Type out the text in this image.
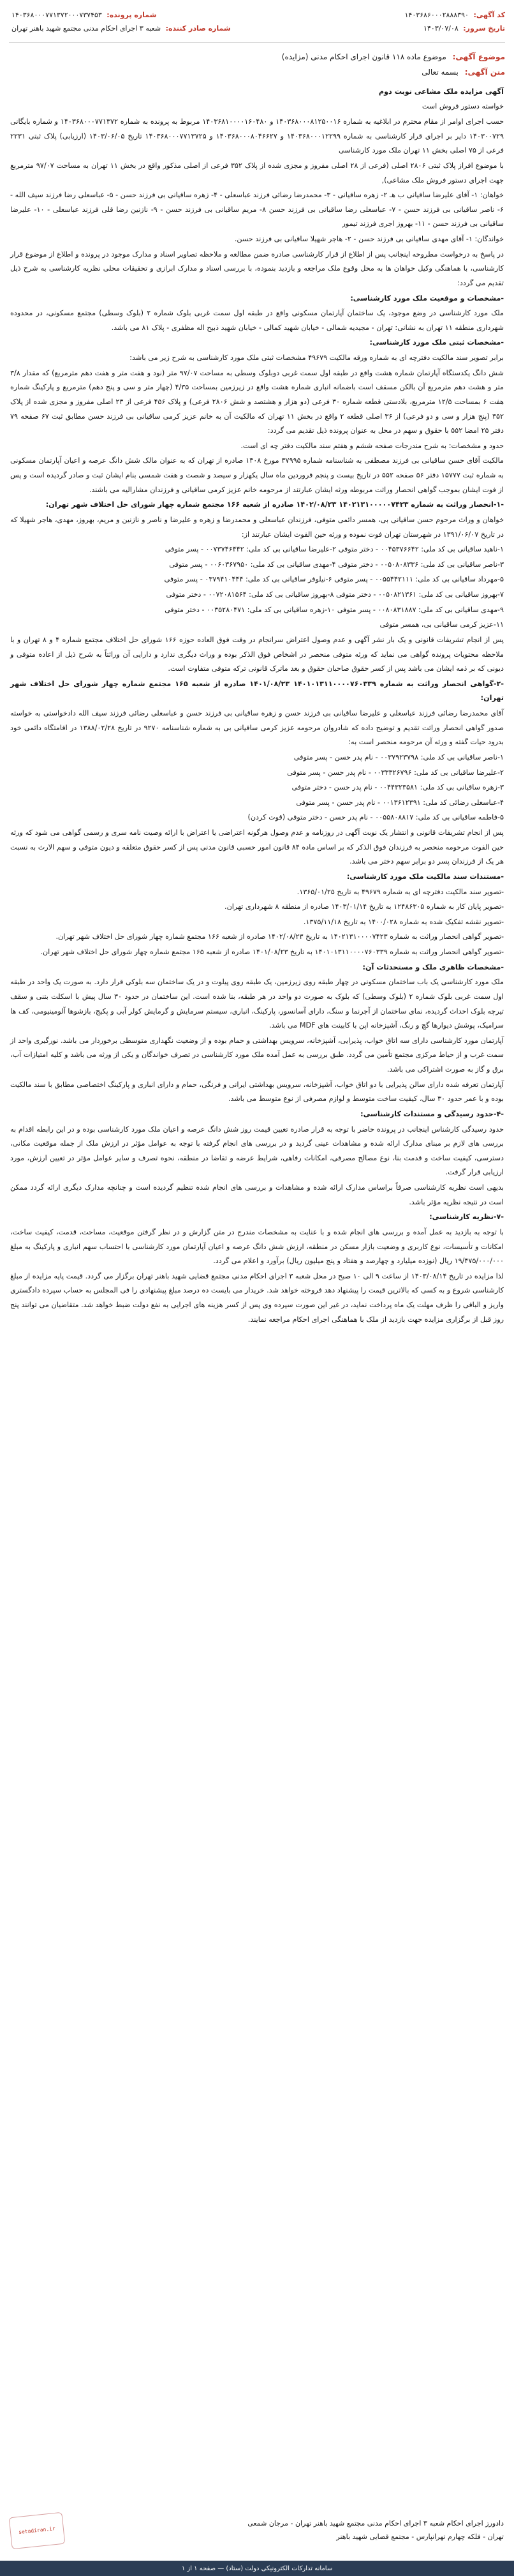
کد آگهی: ۱۴۰۳۶۸۶۰۰۰۲۸۸۸۳۹۰
شماره پرونده: ۱۴۰۳۶۸۰۰۰۷۷۱۳۷۲۰۰۰۷۳۷۴۵۳
تاریخ سرور: ۱۴۰۳/۰۷/۰۸
شماره صادر کننده: شعبه ۳ اجرای احکام مدنی مجتمع شهید باهنر تهران
موضوع آگهی: موضوع ماده ۱۱۸ قانون اجرای احکام مدنی (مزایده)
متن آگهی: بسمه تعالی

آگهی مزایده ملک مشاعی نوبت دوم

خواسته دستور فروش است

حسب اجرای اوامر از مقام محترم در ابلاغیه به شماره ۱۴۰۳۶۸۰۰۰۸۱۲۵۰۰۱۶ و ۱۴۰۳۶۸۱۰۰۰۰۱۶۰۴۸۰ مربوط به پرونده به شماره ۱۴۰۳۶۸۰۰۰۷۷۱۳۷۲ و شماره بایگانی ۱۴۰۳۰۰۷۲۹ دایر بر اجرای قرار کارشناسی به شماره ۱۴۰۳۶۸۰۰۰۱۲۲۹۹ و ۱۴۰۳۶۸۰۰۰۸۰۴۶۶۲۷ و ۱۴۰۳۶۸۰۰۰۷۷۱۳۷۲۵ تاریخ ۱۴۰۳/۰۶/۰۵ (ارزیابی) پلاک ثبتی ۲۲۳۱ فرعی از ۷۵ اصلی بخش ۱۱ تهران ملک مورد کارشناسی

با موضوع افراز پلاک ثبتی ۲۸۰۶ اصلی (فرعی از ۲۸ اصلی مفروز و مجزی شده از پلاک ۳۵۲ فرعی از اصلی مذکور واقع در بخش ۱۱ تهران به مساحت ۹۷/۰۷ مترمربع جهت اجرای دستور فروش ملک مشاعی),

خواهان: ۱- آقای علیرضا ساقیانی ب هـ ۲- زهره ساقیانی - ۳- محمدرضا رضائی فرزند عباسعلی - ۴- زهره ساقیانی بی فرزند حسن - ۵- عباسعلی رضا فرزند سیف الله - ۶- ناصر ساقیانی بی فرزند حسن - ۷- عباسعلی رضا ساقیانی بی فرزند حسن ۸- مریم ساقیانی بی فرزند حسن - ۹- نازنین رضا قلی فرزند عباسعلی - ۱۰- علیرضا ساقیانی بی فرزند حسن - ۱۱- بهروز اجری فرزند تیمور

خواندگان: ۱- آقای مهدی ساقیانی بی فرزند حسن - ۲- هاجر شهیلا ساقیانی بی فرزند حسن.

در پاسخ به درخواست مطروحه اینجانب پس از اطلاع از قرار کارشناسی صادره ضمن مطالعه و ملاحظه تصاویر اسناد و مدارک موجود در پرونده و اطلاع از موضوع قرار کارشناسی، با هماهنگی وکیل خواهان ها به محل وقوع ملک مراجعه و بازدید بنموده، با بررسی اسناد و مدارک ابرازی و تحقیقات محلی نظریه کارشناسی به شرح ذیل تقدیم می گردد:

-مشخصات و موقعیت ملک مورد کارشناسی:

ملک مورد کارشناسی در وضع موجود، یک ساختمان آپارتمان مسکونی واقع در طبقه اول سمت غربی بلوک شماره ۲ (بلوک وسطی) مجتمع مسکونی، در محدوده شهرداری منطقه ۱۱ تهران به نشانی: تهران - مجیدیه شمالی - خیابان شهید کمالی - خیابان شهید ذبیح اله مظفری - پلاک ۸۱ می باشد.

-مشخصات ثبتی ملک مورد کارشناسی:

برابر تصویر سند مالکیت دفترچه ای به شماره ورقه مالکیت ۴۹۶۷۹ مشخصات ثبتی ملک مورد کارشناسی به شرح زیر می باشد:

شش دانگ یکدستگاه آپارتمان شماره هشت واقع در طبقه اول سمت غربی دوبلوک وسطی به مساحت ۹۷/۰۷ متر (نود و هفت متر و هفت دهم مترمربع) که مقدار ۳/۸ متر و هشت دهم مترمربع آن بالکن مسقف است باضمانه انباری شماره هشت واقع در زیرزمین بمساحت ۴/۳۵ (چهار متر و سی و پنج دهم) مترمربع و پارکینگ شماره هفت ۶ بمساحت ۱۲/۵ مترمربع، بلادستی قطعه شماره ۳۰ فرعی (دو هزار و هشتصد و شش ۲۸۰۶ فرعی) و پلاک ۴۵۶ فرعی از ۲۳ اصلی مفروز و مجزی شده از پلاک ۳۵۲ (پنج هزار و سی و دو فرعی) از ۳۶ اصلی قطعه ۲ واقع در بخش ۱۱ تهران که مالکیت آن به خانم عزیز کرمی ساقیانی بی فرزند حسن مطابق ثبت ۶۷ صفحه ۷۹ دفتر ۲۵ امضا ۵۵۲ با حقوق و سهم در محل به عنوان پرونده ذیل تقدیم می گردد:

حدود و مشخصات: به شرح مندرجات صفحه ششم و هفتم سند مالکیت دفتر چه ای است.

مالکیت آقای حسن ساقیانی بی فرزند مصطفی به شناسنامه شماره ۳۷۹۹۵ مورخ ۱۳۰۸ صادره از تهران که به عنوان مالک شش دانگ عرصه و اعیان آپارتمان مسکونی به شماره ثبت ۱۵۷۷۷ دفتر ۵۶ صفحه ۵۵۲ در تاریخ بیست و پنجم فروردین ماه سال یکهزار و سیصد و شصت و هفت شمسی بنام ایشان ثبت و صادر گردیده است و پس از فوت ایشان بموجب گواهی انحصار وراثت مربوطه ورثه ایشان عبارتند از مرحومه خانم عزیز کرمی ساقیانی و فرزندان مشارالیه می باشند.

-۱-انحصار وراثت به شماره ۱۴۰۲۱۳۱۰۰۰۰۰۷۴۲۳ ۱۴۰۲/۰۸/۲۳ صادره از شعبه ۱۶۶ مجتمع شماره چهار شورای حل اختلاف شهر تهران:

خواهان و وراث مرحوم حسن ساقیانی بی، همسر دائمی متوفی، فرزندان عباسعلی و محمدرضا و زهره و علیرضا و ناصر و نازنین و مریم، بهروز، مهدی، هاجر شهیلا که در تاریخ ۱۳۹۱/۰۶/۰۷ در شهرستان تهران فوت نموده و ورثه حین الفوت ایشان عبارتند از:

۱-ناهید ساقیانی بی کد ملی: ۰۰۴۵۳۷۶۶۴۲ - دختر متوفی ۲-علیرضا ساقیانی بی کد ملی: ۰۰۷۳۷۴۶۴۴۲ - پسر متوفی

۳-ناصر ساقیانی بی کد ملی: ۰۰۵۰۸۰۸۳۳۶ - دختر متوفی ۴-مهدی ساقیانی بی کد ملی: ۰۰۶۰۳۶۷۹۵۰ - پسر متوفی

۵-مهرداد ساقیانی بی کد ملی: ۰۰۵۵۴۴۲۱۱۱ - پسر متوفی ۶-نیلوفر ساقیانی بی کد ملی: ۰۳۷۹۴۱۰۴۴۴ - پسر متوفی

۷-بهروز ساقیانی بی کد ملی: ۰۰۵۰۸۲۱۳۶۱ - دختر متوفی ۸-بهروز ساقیانی بی کد ملی: ۰۰۷۲۰۸۱۵۶۴ - دختر متوفی

۹-مهدی ساقیانی بی کد ملی: ۰۰۸۰۸۳۱۸۸۷ - پسر متوفی ۱۰-زهره ساقیانی بی کد ملی: ۰۰۳۵۲۸۰۴۷۱ - دختر متوفی

۱۱-عزیز کرمی ساقیانی بی، همسر متوفی

پس از انجام تشریفات قانونی و یک بار نشر آگهی و عدم وصول اعتراض سرانجام در وقت فوق العاده حوزه ۱۶۶ شورای حل اختلاف مجتمع شماره ۴ و ۸ تهران و با ملاحظه محتویات پرونده گواهی می نماید که ورثه متوفی منحصر در اشخاص فوق الذکر بوده و وراث دیگری ندارد و دارایی آن وراثتاً به شرح ذیل از اعاده متوفی و دیونی که بر ذمه ایشان می باشد پس از کسر حقوق صاحبان حقوق و بعد ماترک قانونی ترکه متوفی متفاوت است.

-۲-گواهی انحصار وراثت به شماره ۱۴۰۱۰۱۳۱۱۰۰۰۰۷۶۰۳۳۹ ۱۴۰۱/۰۸/۲۳ صادره از شعبه ۱۶۵ مجتمع شماره چهار شورای حل اختلاف شهر تهران:

آقای محمدرضا رضائی فرزند عباسعلی و علیرضا ساقیانی بی فرزند حسن و زهره ساقیانی بی فرزند حسن و عباسعلی رضائی فرزند سیف الله دادخواستی به خواسته صدور گواهی انحصار وراثت تقدیم و توضیح داده که شادروان مرحومه عزیز کرمی ساقیانی بی به شماره شناسنامه ۹۲۷۰ در تاریخ ۱۳۸۸/۰۲/۲۸ در اقامتگاه دائمی خود بدرود حیات گفته و ورثه آن مرحومه منحصر است به:

۱-ناصر ساقیانی بی کد ملی: ۰۰۳۷۹۲۳۷۹۸ - نام پدر حسن - پسر متوفی

۲-علیرضا ساقیانی بی کد ملی: ۰۰۳۳۳۲۶۷۹۶ - نام پدر حسن - پسر متوفی

۳-زهره ساقیانی بی کد ملی: ۰۰۴۴۳۲۳۵۸۱ - نام پدر حسن - دختر متوفی

۴-عباسعلی رضائی کد ملی: ۰۰۱۳۶۱۲۳۹۱ - نام پدر حسن - پسر متوفی

۵-فاطمه ساقیانی بی کد ملی: ۰۰۵۵۸۰۸۸۱۷ - نام پدر حسن - دختر متوفی (قوت کردن)

پس از انجام تشریفات قانونی و انتشار یک نوبت آگهی در روزنامه و عدم وصول هرگونه اعتراضی یا اعتراض با ارائه وصیت نامه سری و رسمی گواهی می شود که ورثه حین الفوت مرحومه منحصر به فرزندان فوق الذکر که بر اساس ماده ۸۴ قانون امور حسبی قانون مدنی پس از کسر حقوق متعلقه و دیون متوفی و سهم الارث به نسبت هر یک از فرزندان پسر دو برابر سهم دختر می باشد.

-مستندات سند مالکیت ملک مورد کارشناسی:

-تصویر سند مالکیت دفترچه ای به شماره ۴۹۶۷۹ به تاریخ ۱۳۶۵/۰۱/۲۵.

-تصویر پایان کار به شماره ۱۲۴۸۶۳۰۵ به تاریخ ۱۴۰۳/۰۱/۱۴ صادره از منطقه ۸ شهرداری تهران.

-تصویر نقشه تفکیک شده به شماره ۱۴۰۰/۰۲۸ به تاریخ ۱۳۷۵/۱۱/۱۸.

-تصویر گواهی انحصار وراثت به شماره ۱۴۰۲۱۳۱۰۰۰۰۷۴۲۳ به تاریخ ۱۴۰۲/۰۸/۲۳ صادره از شعبه ۱۶۶ مجتمع شماره چهار شورای حل اختلاف شهر تهران.

-تصویر گواهی انحصار وراثت به شماره ۱۴۰۱۰۱۳۱۱۰۰۰۰۷۶۰۳۳۹ به تاریخ ۱۴۰۱/۰۸/۲۳ صادره از شعبه ۱۶۵ مجتمع شماره چهار شورای حل اختلاف شهر تهران.

-مشخصات ظاهری ملک و مستحدثات آن:

ملک مورد کارشناسی یک باب ساختمان مسکونی در چهار طبقه روی زیرزمین، یک طبقه روی پیلوت و در یک ساختمان سه بلوکی قرار دارد. به صورت یک واحد در طبقه اول سمت غربی بلوک شماره ۲ (بلوک وسطی) که بلوک به صورت دو واحد در هر طبقه، بنا شده است. این ساختمان در حدود ۳۰ سال پیش با اسکلت بتنی و سقف تیرچه بلوک احداث گردیده، نمای ساختمان از آجرنما و سنگ، دارای آسانسور، پارکینگ، انباری، سیستم سرمایش و گرمایش کولر آبی و پکیج، بازشوها آلومینیومی، کف ها سرامیک، پوشش دیوارها گچ و رنگ، آشپزخانه اپن با کابینت های MDF می باشد.

آپارتمان مورد کارشناسی دارای سه اتاق خواب، پذیرایی، آشپزخانه، سرویس بهداشتی و حمام بوده و از وضعیت نگهداری متوسطی برخوردار می باشد. نورگیری واحد از سمت غرب و از حیاط مرکزی مجتمع تأمین می گردد. طبق بررسی به عمل آمده ملک مورد کارشناسی در تصرف خواندگان و یکی از ورثه می باشد و کلیه امتیازات آب، برق و گاز به صورت اشتراکی می باشد.

آپارتمان تعرفه شده دارای سالن پذیرایی با دو اتاق خواب، آشپزخانه، سرویس بهداشتی ایرانی و فرنگی، حمام و دارای انباری و پارکینگ اختصاصی مطابق با سند مالکیت بوده و با عمر حدود ۳۰ سال، کیفیت ساخت متوسط و لوازم مصرفی از نوع متوسط می باشد.

-۴-حدود رسیدگی و مستندات کارشناسی:

حدود رسیدگی کارشناس اینجانب در پرونده حاضر با توجه به قرار صادره تعیین قیمت روز شش دانگ عرصه و اعیان ملک مورد کارشناسی بوده و در این رابطه اقدام به بررسی های لازم بر مبنای مدارک ارائه شده و مشاهدات عینی گردید و در بررسی های انجام گرفته با توجه به عوامل مؤثر در ارزش ملک از جمله موقعیت مکانی، دسترسی، کیفیت ساخت و قدمت بنا، نوع مصالح مصرفی، امکانات رفاهی، شرایط عرضه و تقاضا در منطقه، نحوه تصرف و سایر عوامل مؤثر در تعیین ارزش، مورد ارزیابی قرار گرفت.

بدیهی است نظریه کارشناسی صرفاً براساس مدارک ارائه شده و مشاهدات و بررسی های انجام شده تنظیم گردیده است و چنانچه مدارک دیگری ارائه گردد ممکن است در نتیجه نظریه مؤثر باشد.

-۷-نظریه کارشناسی:

با توجه به بازدید به عمل آمده و بررسی های انجام شده و با عنایت به مشخصات مندرج در متن گزارش و در نظر گرفتن موقعیت، مساحت، قدمت، کیفیت ساخت، امکانات و تأسیسات، نوع کاربری و وضعیت بازار مسکن در منطقه، ارزش شش دانگ عرصه و اعیان آپارتمان مورد کارشناسی با احتساب سهم انباری و پارکینگ به مبلغ ۱۹/۴۷۵/۰۰۰/۰۰۰ ریال (نوزده میلیارد و چهارصد و هفتاد و پنج میلیون ریال) برآورد و اعلام می گردد.

لذا مزایده در تاریخ ۱۴۰۳/۰۸/۱۴ از ساعت ۹ الی ۱۰ صبح در محل شعبه ۳ اجرای احکام مدنی مجتمع قضایی شهید باهنر تهران برگزار می گردد. قیمت پایه مزایده از مبلغ کارشناسی شروع و به کسی که بالاترین قیمت را پیشنهاد دهد فروخته خواهد شد. خریدار می بایست ده درصد مبلغ پیشنهادی را فی المجلس به حساب سپرده دادگستری واریز و الباقی را ظرف مهلت یک ماه پرداخت نماید، در غیر این صورت سپرده وی پس از کسر هزینه های اجرایی به نفع دولت ضبط خواهد شد. متقاضیان می توانند پنج روز قبل از برگزاری مزایده جهت بازدید از ملک با هماهنگی اجرای احکام مراجعه نمایند.

دادورز اجرای احکام شعبه ۳ اجرای احکام مدنی مجتمع شهید باهنر تهران - مرجان شمعی
تهران - فلکه چهارم تهرانپارس - مجتمع قضایی شهید باهنر
setadiran.ir
سامانه تدارکات الکترونیکی دولت (ستاد) — صفحه ۱ از ۱
